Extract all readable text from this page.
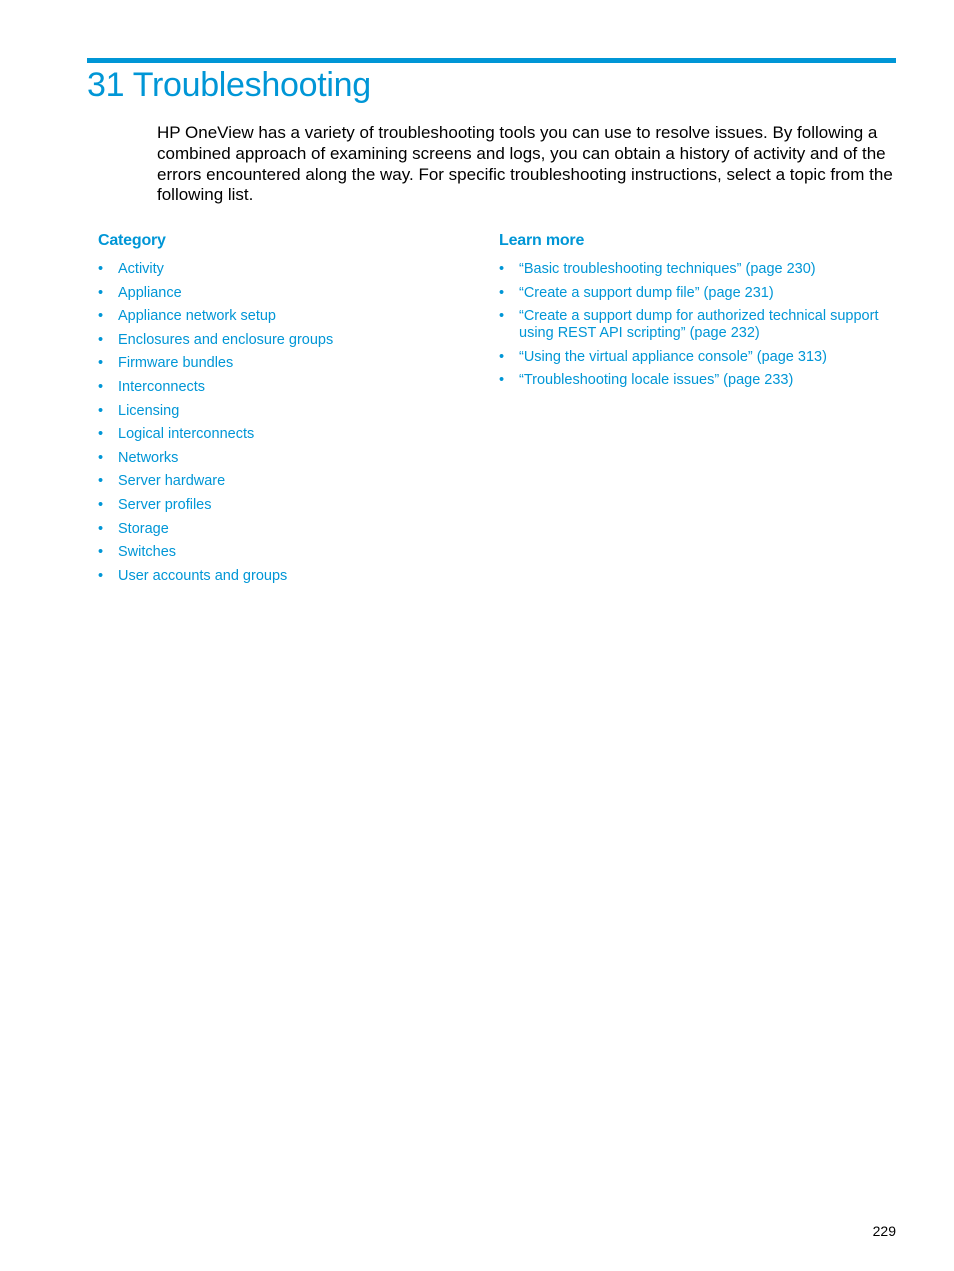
31 Troubleshooting

HP OneView has a variety of troubleshooting tools you can use to resolve issues. By following a combined approach of examining screens and logs, you can obtain a history of activity and of the errors encountered along the way. For specific troubleshooting instructions, select a topic from the following list.

Category
•	Activity
•	Appliance
•	Appliance network setup
•	Enclosures and enclosure groups
•	Firmware bundles
•	Interconnects
•	Licensing
•	Logical interconnects
•	Networks
•	Server hardware
•	Server profiles
•	Storage
•	Switches
•	User accounts and groups
Learn more
•	“Basic troubleshooting techniques” (page 230)
•	“Create a support dump file” (page 231)
•	“Create a support dump for authorized technical support using REST API scripting” (page 232)
•	“Using the virtual appliance console” (page 313)
•	“Troubleshooting locale issues” (page 233)
229
